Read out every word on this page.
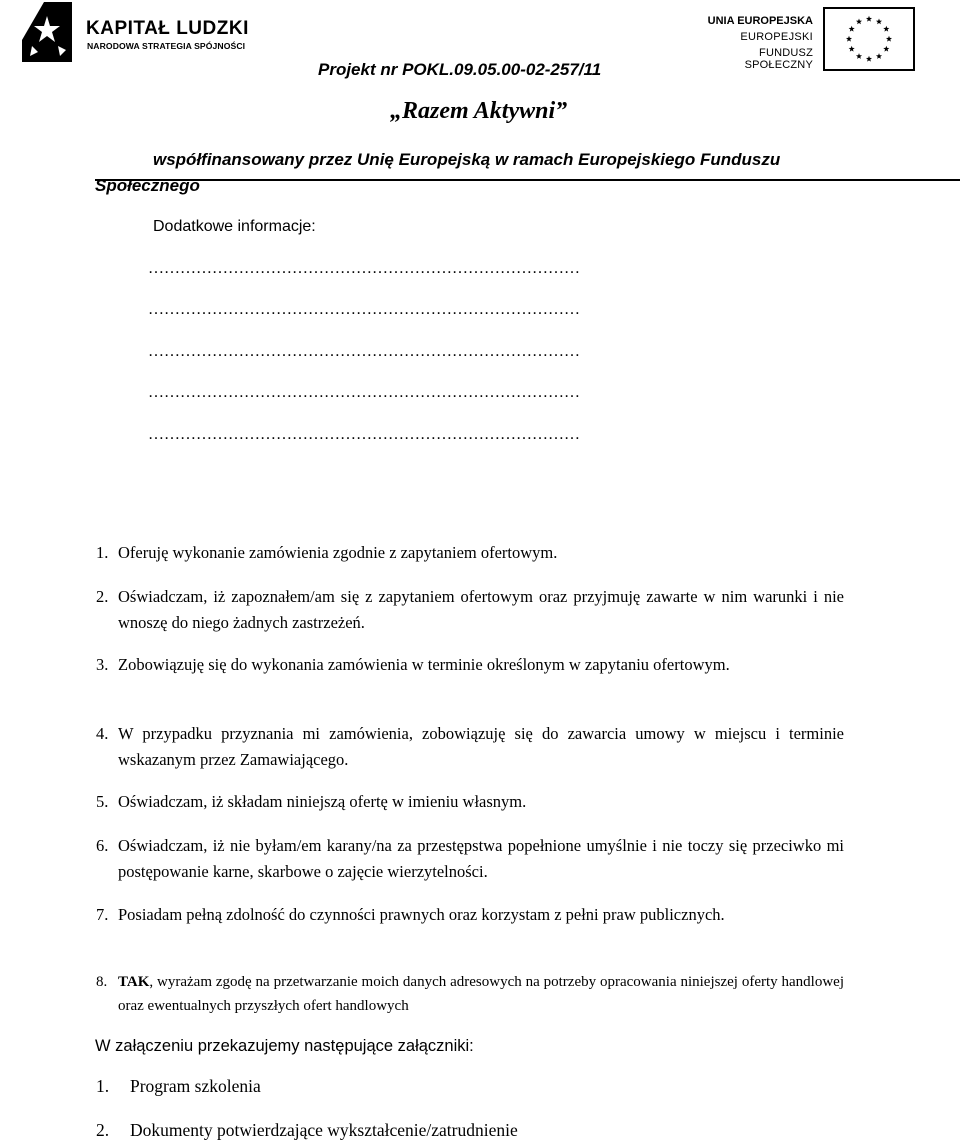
KAPITAŁ LUDZKI
NARODOWA STRATEGIA SPÓJNOŚCI
UNIA EUROPEJSKA
EUROPEJSKI
FUNDUSZ SPOŁECZNY
Projekt nr POKL.09.05.00-02-257/11
„Razem Aktywni”
współfinansowany przez Unię Europejską w ramach Europejskiego Funduszu
Społecznego
Dodatkowe informacje:
………………………………………………………………………
………………………………………………………………………
………………………………………………………………………
………………………………………………………………………
………………………………………………………………………
1. Oferuję wykonanie zamówienia zgodnie z zapytaniem ofertowym.
2. Oświadczam, iż zapoznałem/am się z zapytaniem ofertowym oraz przyjmuję zawarte w nim warunki i nie wnoszę do niego żadnych zastrzeżeń.
3. Zobowiązuję się do wykonania zamówienia w terminie określonym w zapytaniu ofertowym.
4. W przypadku przyznania mi zamówienia, zobowiązuję się do zawarcia umowy w miejscu i terminie wskazanym przez Zamawiającego.
5. Oświadczam, iż składam niniejszą ofertę w imieniu własnym.
6. Oświadczam, iż nie byłam/em karany/na za przestępstwa popełnione umyślnie i nie toczy się przeciwko mi postępowanie karne, skarbowe o zajęcie wierzytelności.
7. Posiadam pełną zdolność do czynności prawnych oraz korzystam z pełni praw publicznych.
8. TAK, wyrażam zgodę na przetwarzanie moich danych adresowych na potrzeby opracowania niniejszej oferty handlowej oraz ewentualnych przyszłych ofert handlowych
W załączeniu przekazujemy następujące załączniki:
1. Program szkolenia
2. Dokumenty potwierdzające wykształcenie/zatrudnienie
